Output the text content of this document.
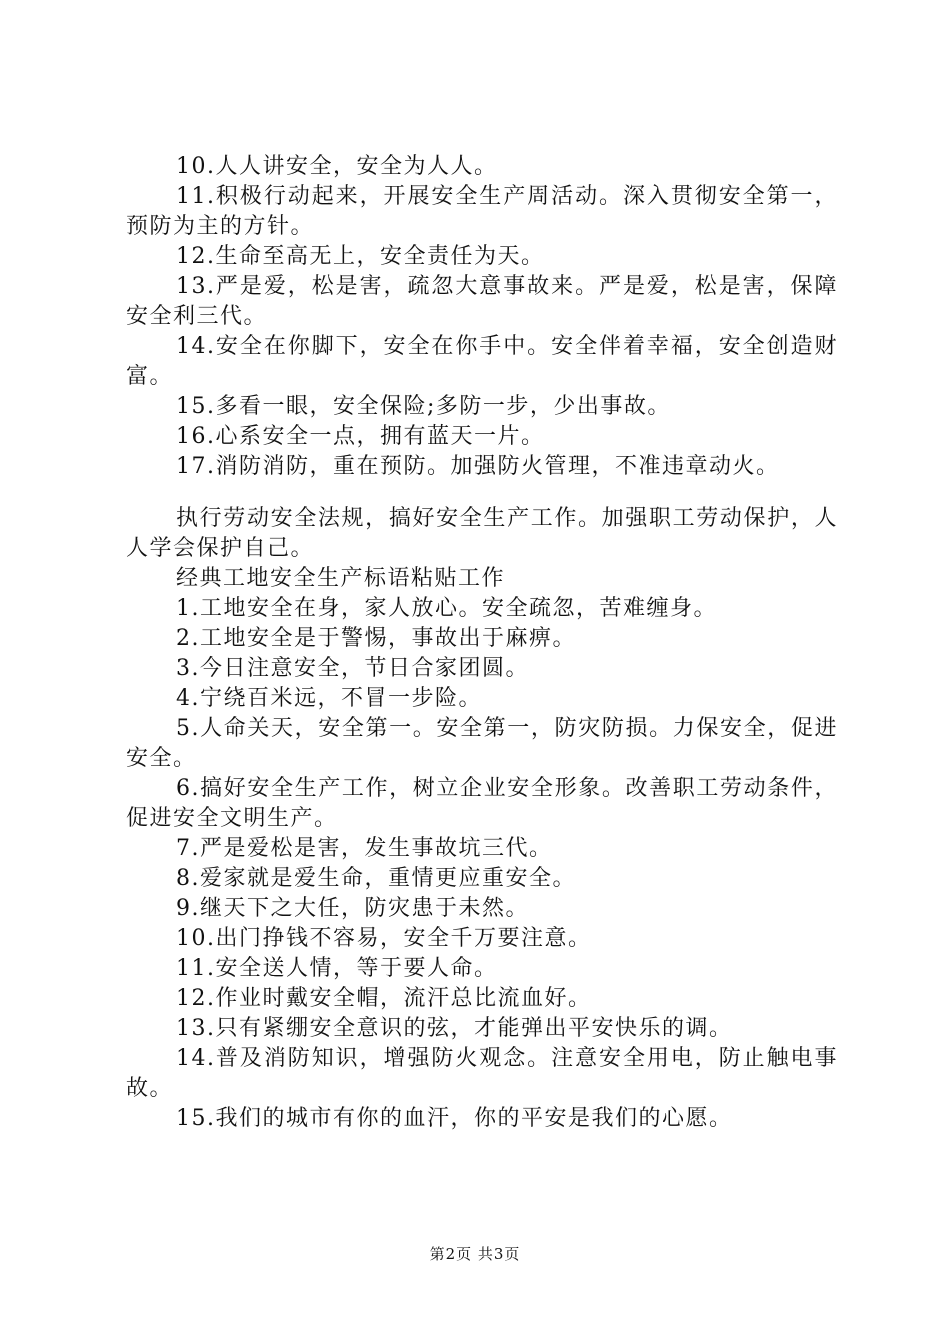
10.人人讲安全，安全为人人。

11.积极行动起来，开展安全生产周活动。深入贯彻安全第一，预防为主的方针。

12.生命至高无上，安全责任为天。

13.严是爱，松是害，疏忽大意事故来。严是爱，松是害，保障安全利三代。

14.安全在你脚下，安全在你手中。安全伴着幸福，安全创造财富。

15.多看一眼，安全保险;多防一步，少出事故。

16.心系安全一点，拥有蓝天一片。

17.消防消防，重在预防。加强防火管理，不准违章动火。

执行劳动安全法规，搞好安全生产工作。加强职工劳动保护，人人学会保护自己。

经典工地安全生产标语粘贴工作

1.工地安全在身，家人放心。安全疏忽，苦难缠身。

2.工地安全是于警惕，事故出于麻痹。

3.今日注意安全，节日合家团圆。

4.宁绕百米远，不冒一步险。

5.人命关天，安全第一。安全第一，防灾防损。力保安全，促进安全。

6.搞好安全生产工作，树立企业安全形象。改善职工劳动条件，促进安全文明生产。

7.严是爱松是害，发生事故坑三代。

8.爱家就是爱生命，重情更应重安全。

9.继天下之大任，防灾患于未然。

10.出门挣钱不容易，安全千万要注意。

11.安全送人情，等于要人命。

12.作业时戴安全帽，流汗总比流血好。

13.只有紧绷安全意识的弦，才能弹出平安快乐的调。

14.普及消防知识，增强防火观念。注意安全用电，防止触电事故。

15.我们的城市有你的血汗，你的平安是我们的心愿。

第2页 共3页
